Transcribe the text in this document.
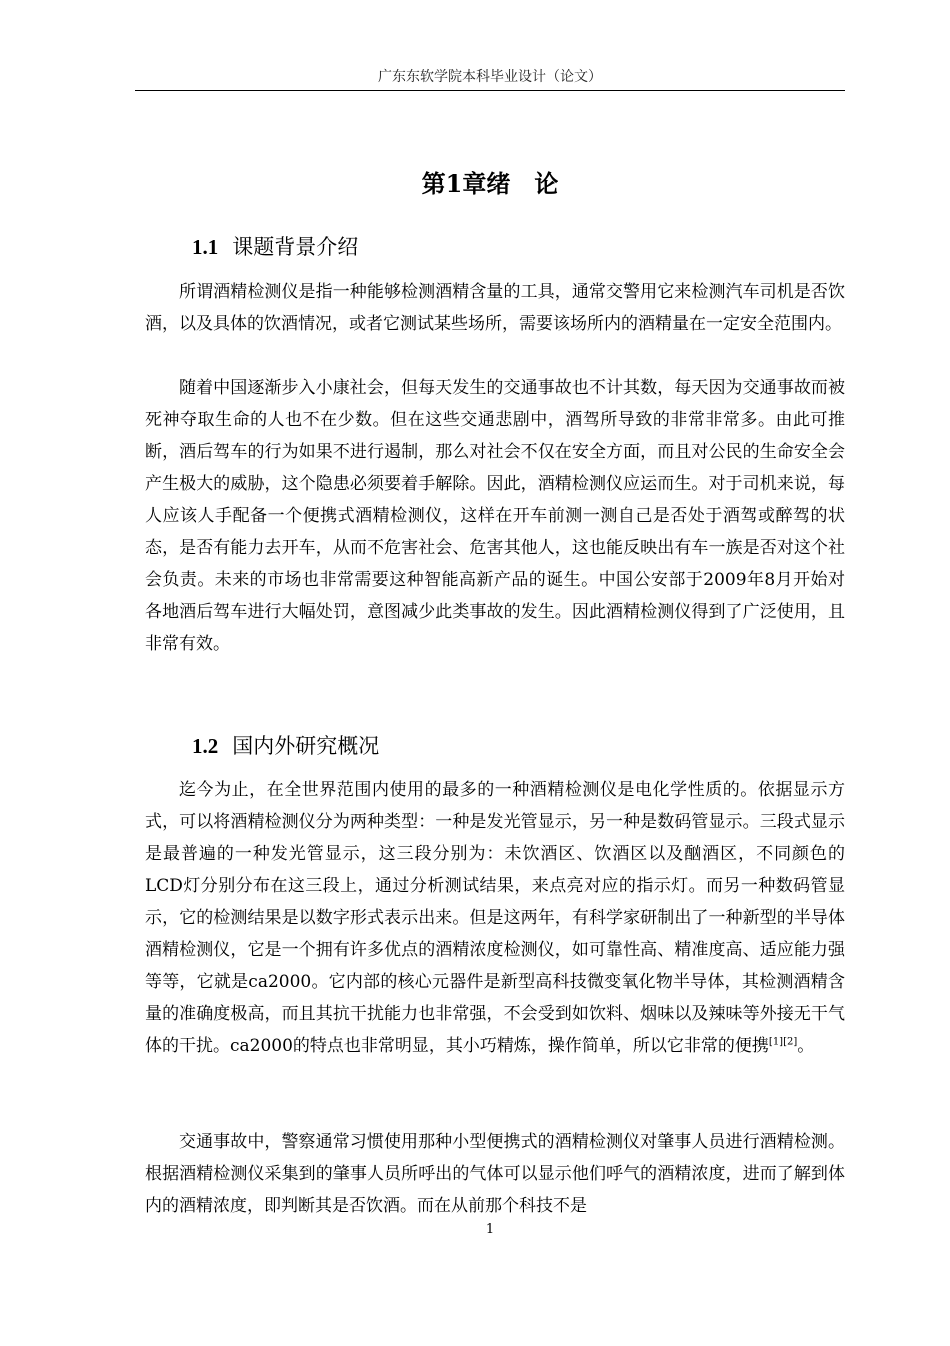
广东东软学院本科毕业设计（论文）
第1章绪　论
1.1 课题背景介绍

所谓酒精检测仪是指一种能够检测酒精含量的工具，通常交警用它来检测汽车司机是否饮酒，以及具体的饮酒情况，或者它测试某些场所，需要该场所内的酒精量在一定安全范围内。

随着中国逐渐步入小康社会，但每天发生的交通事故也不计其数，每天因为交通事故而被死神夺取生命的人也不在少数。但在这些交通悲剧中，酒驾所导致的非常非常多。由此可推断，酒后驾车的行为如果不进行遏制，那么对社会不仅在安全方面，而且对公民的生命安全会产生极大的威胁，这个隐患必须要着手解除。因此，酒精检测仪应运而生。对于司机来说，每人应该人手配备一个便携式酒精检测仪，这样在开车前测一测自己是否处于酒驾或醉驾的状态，是否有能力去开车，从而不危害社会、危害其他人，这也能反映出有车一族是否对这个社会负责。未来的市场也非常需要这种智能高新产品的诞生。中国公安部于2009年8月开始对各地酒后驾车进行大幅处罚，意图减少此类事故的发生。因此酒精检测仪得到了广泛使用，且非常有效。

1.2 国内外研究概况

迄今为止，在全世界范围内使用的最多的一种酒精检测仪是电化学性质的。依据显示方式，可以将酒精检测仪分为两种类型：一种是发光管显示，另一种是数码管显示。三段式显示是最普遍的一种发光管显示，这三段分别为：未饮酒区、饮酒区以及酗酒区，不同颜色的LCD灯分别分布在这三段上，通过分析测试结果，来点亮对应的指示灯。而另一种数码管显示，它的检测结果是以数字形式表示出来。但是这两年，有科学家研制出了一种新型的半导体酒精检测仪，它是一个拥有许多优点的酒精浓度检测仪，如可靠性高、精准度高、适应能力强等等，它就是ca2000。它内部的核心元器件是新型高科技微变氧化物半导体，其检测酒精含量的准确度极高，而且其抗干扰能力也非常强，不会受到如饮料、烟味以及辣味等外接无干气体的干扰。ca2000的特点也非常明显，其小巧精炼，操作简单，所以它非常的便携[1][2]。

交通事故中，警察通常习惯使用那种小型便携式的酒精检测仪对肇事人员进行酒精检测。根据酒精检测仪采集到的肇事人员所呼出的气体可以显示他们呼气的酒精浓度，进而了解到体内的酒精浓度，即判断其是否饮酒。而在从前那个科技不是

1
